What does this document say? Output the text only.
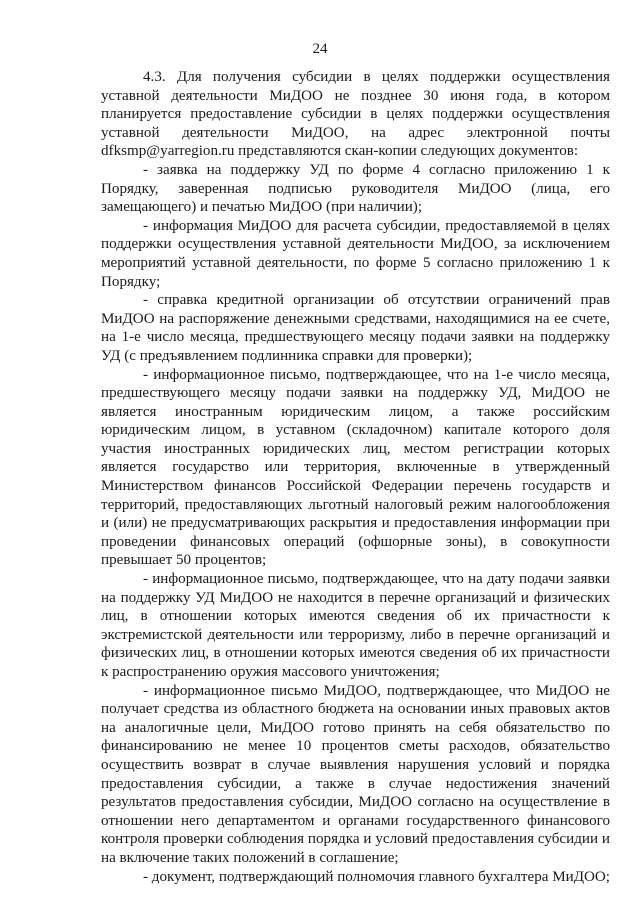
24

4.3. Для получения субсидии в целях поддержки осуществления уставной деятельности МиДОО не позднее 30 июня года, в котором планируется предоставление субсидии в целях поддержки осуществления уставной деятельности МиДОО, на адрес электронной почты dfksmp@yarregion.ru представляются скан-копии следующих документов:

- заявка на поддержку УД по форме 4 согласно приложению 1 к Порядку, заверенная подписью руководителя МиДОО (лица, его замещающего) и печатью МиДОО (при наличии);

- информация МиДОО для расчета субсидии, предоставляемой в целях поддержки осуществления уставной деятельности МиДОО, за исключением мероприятий уставной деятельности, по форме 5 согласно приложению 1 к Порядку;

- справка кредитной организации об отсутствии ограничений прав МиДОО на распоряжение денежными средствами, находящимися на ее счете, на 1-е число месяца, предшествующего месяцу подачи заявки на поддержку УД (с предъявлением подлинника справки для проверки);

- информационное письмо, подтверждающее, что на 1-е число месяца, предшествующего месяцу подачи заявки на поддержку УД, МиДОО не является иностранным юридическим лицом, а также российским юридическим лицом, в уставном (складочном) капитале которого доля участия иностранных юридических лиц, местом регистрации которых является государство или территория, включенные в утвержденный Министерством финансов Российской Федерации перечень государств и территорий, предоставляющих льготный налоговый режим налогообложения и (или) не предусматривающих раскрытия и предоставления информации при проведении финансовых операций (офшорные зоны), в совокупности превышает 50 процентов;

- информационное письмо, подтверждающее, что на дату подачи заявки на поддержку УД МиДОО не находится в перечне организаций и физических лиц, в отношении которых имеются сведения об их причастности к экстремистской деятельности или терроризму, либо в перечне организаций и физических лиц, в отношении которых имеются сведения об их причастности к распространению оружия массового уничтожения;

- информационное письмо МиДОО, подтверждающее, что МиДОО не получает средства из областного бюджета на основании иных правовых актов на аналогичные цели, МиДОО готово принять на себя обязательство по финансированию не менее 10 процентов сметы расходов, обязательство осуществить возврат в случае выявления нарушения условий и порядка предоставления субсидии, а также в случае недостижения значений результатов предоставления субсидии, МиДОО согласно на осуществление в отношении него департаментом и органами государственного финансового контроля проверки соблюдения порядка и условий предоставления субсидии и на включение таких положений в соглашение;

- документ, подтверждающий полномочия главного бухгалтера МиДОО;
